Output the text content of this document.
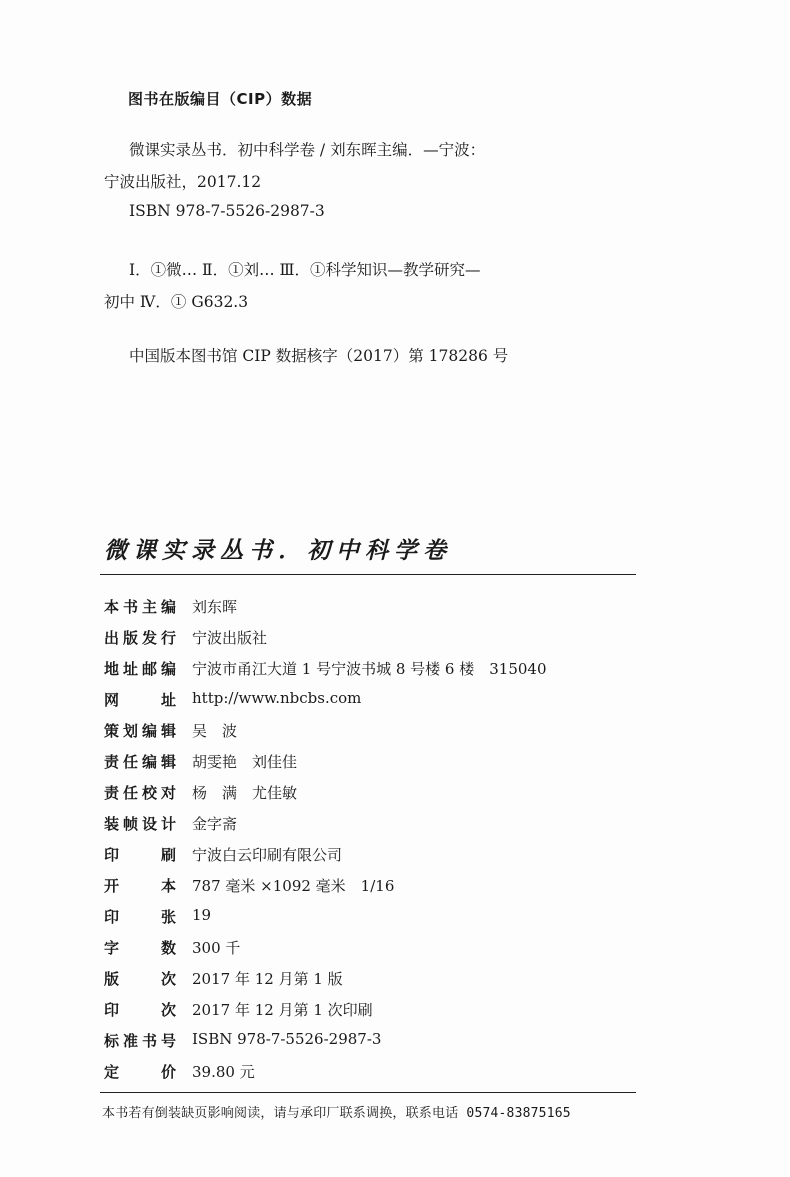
图书在版编目（CIP）数据
微课实录丛书．初中科学卷 / 刘东晖主编．—宁波：
宁波出版社，2017.12
ISBN 978-7-5526-2987-3
Ⅰ．①微… Ⅱ．①刘… Ⅲ．①科学知识—教学研究—
初中 Ⅳ．① G632.3
中国版本图书馆 CIP 数据核字（2017）第 178286 号
微课实录丛书．初中科学卷
本书主编 刘东晖
出版发行 宁波出版社
地址邮编 宁波市甬江大道 1 号宁波书城 8 号楼 6 楼　315040
网址 http://www.nbcbs.com
策划编辑 吴　波
责任编辑 胡雯艳　刘佳佳
责任校对 杨　满　尤佳敏
装帧设计 金字斋
印刷 宁波白云印刷有限公司
开本 787 毫米 ×1092 毫米　1/16
印张 19
字数 300 千
版次 2017 年 12 月第 1 版
印次 2017 年 12 月第 1 次印刷
标准书号 ISBN 978-7-5526-2987-3
定价 39.80 元
本书若有倒装缺页影响阅读，请与承印厂联系调换，联系电话 0574-83875165
